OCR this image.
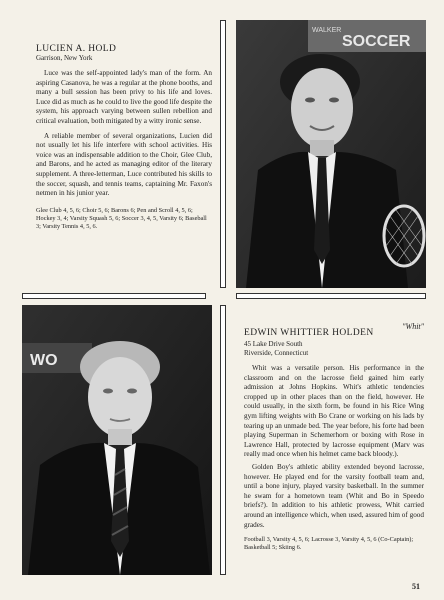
LUCIEN A. HOLD
Garrison, New York

Luce was the self-appointed lady's man of the form. An aspiring Casanova, he was a regular at the phone booths, and many a bull session has been privy to his life and loves. Luce did as much as he could to live the good life despite the system, his approach varying between sullen rebellion and critical evaluation, both mitigated by a witty ironic sense.

A reliable member of several organizations, Lucien did not usually let his life interfere with school activities. His voice was an indispensable addition to the Choir, Glee Club, and Barons, and he acted as managing editor of the literary supplement. A three-letterman, Luce contributed his skills to the soccer, squash, and tennis teams, captaining Mr. Faxon's netmen in his junior year.

Glee Club 4, 5, 6; Choir 5, 6; Barons 6; Pen and Scroll 4, 5, 6; Hockey 3, 4; Varsity Squash 5, 6; Soccer 3, 4, 5, Varsity 6; Baseball 3; Varsity Tennis 4, 5, 6.

WALKER
SOCCER
WO
EDWIN WHITTIER HOLDEN
"Whit"
45 Lake Drive South
Riverside, Connecticut

Whit was a versatile person. His performance in the classroom and on the lacrosse field gained him early admission at Johns Hopkins. Whit's athletic tendencies cropped up in other places than on the field, however. He could usually, in the sixth form, be found in his Rice Wing gym lifting weights with Bo Crane or working on his lads by tearing up an unmade bed. The year before, his forte had been playing Superman in Schemerhorn or boxing with Rose in Lawrence Hall, protected by lacrosse equipment (Marv was really mad once when his helmet came back bloody.).

Golden Boy's athletic ability extended beyond lacrosse, however. He played end for the varsity football team and, until a bone injury, played varsity basketball. In the summer he swam for a hometown team (Whit and Bo in Speedo briefs?). In addition to his athletic prowess, Whit carried around an intelligence which, when used, assured him of good grades.

Football 3, Varsity 4, 5, 6; Lacrosse 3, Varsity 4, 5, 6 (Co-Captain); Basketball 5; Skiing 6.

51
